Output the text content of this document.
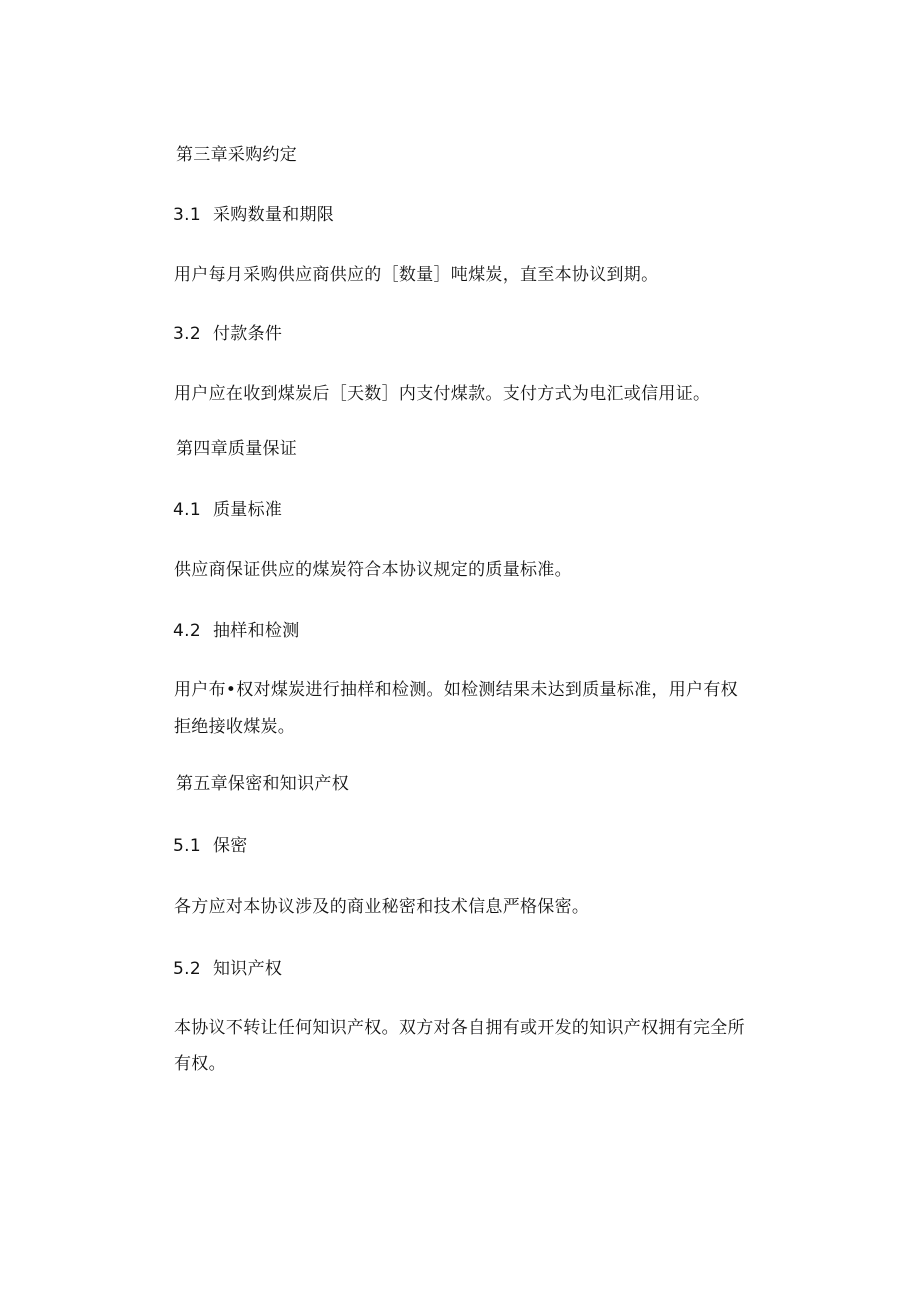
第三章采购约定
3.1 采购数量和期限
用户每月采购供应商供应的［数量］吨煤炭，直至本协议到期。
3.2 付款条件
用户应在收到煤炭后［天数］内支付煤款。支付方式为电汇或信用证。
第四章质量保证
4.1 质量标准
供应商保证供应的煤炭符合本协议规定的质量标准。
4.2 抽样和检测
用户布•权对煤炭进行抽样和检测。如检测结果未达到质量标准，用户有权
拒绝接收煤炭。
第五章保密和知识产权
5.1 保密
各方应对本协议涉及的商业秘密和技术信息严格保密。
5.2 知识产权
本协议不转让任何知识产权。双方对各自拥有或开发的知识产权拥有完全所
有权。
